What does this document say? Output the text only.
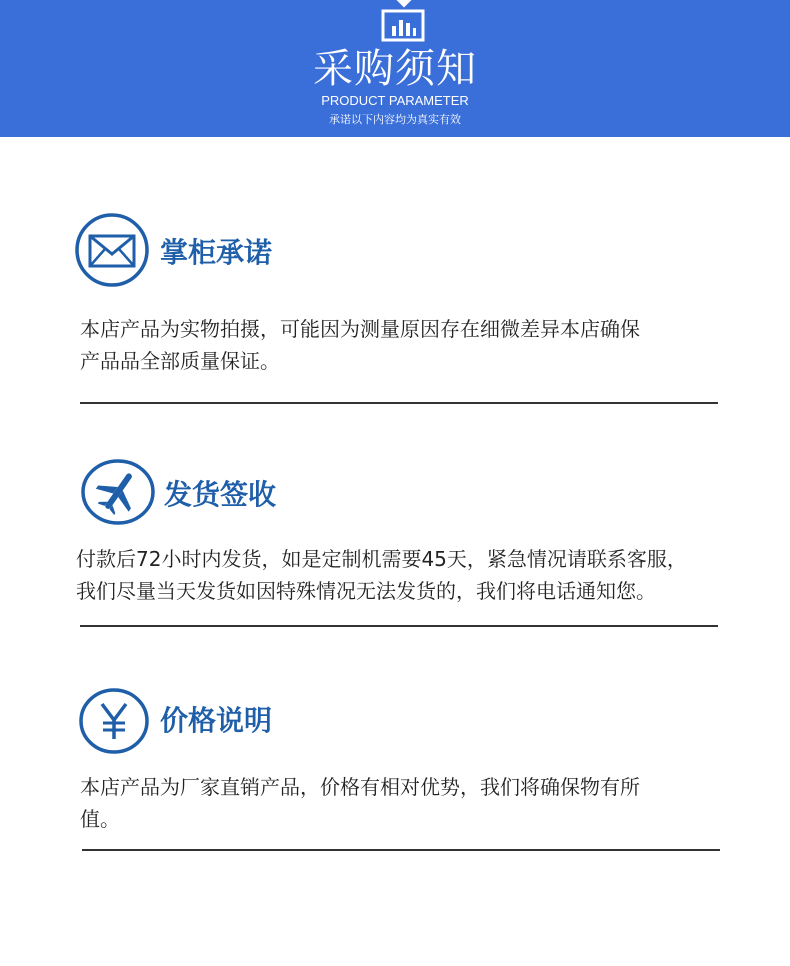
采购须知
PRODUCT PARAMETER
承诺以下内容均为真实有效
掌柜承诺
本店产品为实物拍摄，可能因为测量原因存在细微差异本店确保
产品品全部质量保证。
发货签收
付款后72小时内发货，如是定制机需要45天，紧急情况请联系客服，
我们尽量当天发货如因特殊情况无法发货的，我们将电话通知您。
价格说明
本店产品为厂家直销产品，价格有相对优势，我们将确保物有所
值。
